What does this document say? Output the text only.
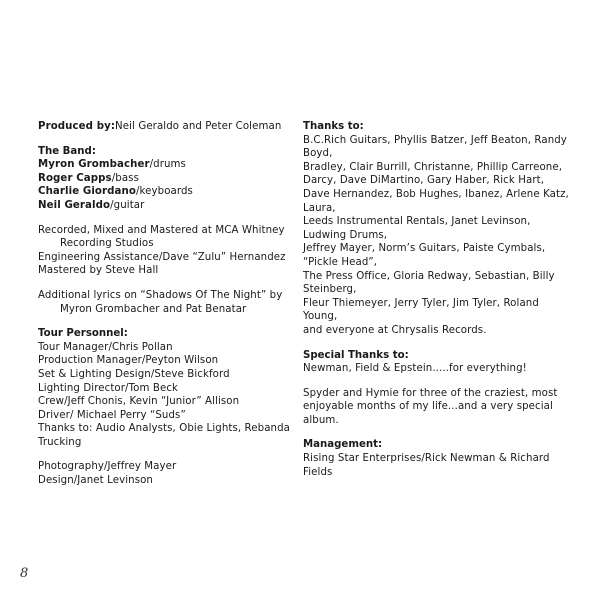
Produced by:Neil Geraldo and Peter Coleman
The Band:
Myron Grombacher/drums
Roger Capps/bass
Charlie Giordano/keyboards
Neil Geraldo/guitar
Recorded, Mixed and Mastered at MCA Whitney
Recording Studios
Engineering Assistance/Dave “Zulu” Hernandez
Mastered by Steve Hall
Additional lyrics on “Shadows Of The Night” by
Myron Grombacher and Pat Benatar
Tour Personnel:
Tour Manager/Chris Pollan
Production Manager/Peyton Wilson
Set & Lighting Design/Steve Bickford
Lighting Director/Tom Beck
Crew/Jeff Chonis, Kevin “Junior” Allison
Driver/ Michael Perry “Suds”
Thanks to: Audio Analysts, Obie Lights, Rebanda Trucking
Photography/Jeffrey Mayer
Design/Janet Levinson
Thanks to:
B.C.Rich Guitars, Phyllis Batzer, Jeff Beaton, Randy Boyd,
Bradley, Clair Burrill, Christanne, Phillip Carreone,
Darcy, Dave DiMartino, Gary Haber, Rick Hart,
Dave Hernandez, Bob Hughes, Ibanez, Arlene Katz, Laura,
Leeds Instrumental Rentals, Janet Levinson, Ludwing Drums,
Jeffrey Mayer, Norm’s Guitars, Paiste Cymbals, “Pickle Head”,
The Press Office, Gloria Redway, Sebastian, Billy Steinberg,
Fleur Thiemeyer, Jerry Tyler, Jim Tyler, Roland Young,
and everyone at Chrysalis Records.
Special Thanks to:
Newman, Field & Epstein.....for everything!
Spyder and Hymie for three of the craziest, most
enjoyable months of my life...and a very special album.
Management:
Rising Star Enterprises/Rick Newman & Richard Fields
8
